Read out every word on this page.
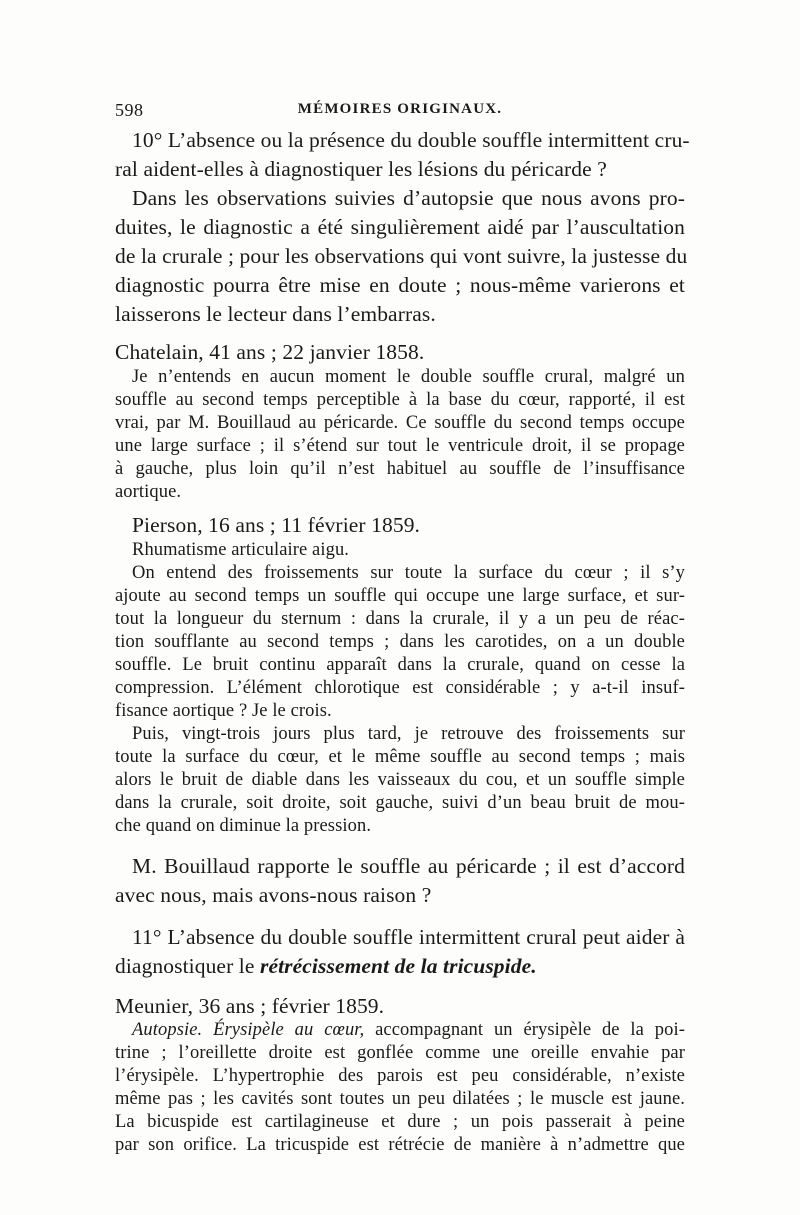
598	MÉMOIRES ORIGINAUX.
10° L’absence ou la présence du double souffle intermittent cru-
ral aident-elles à diagnostiquer les lésions du péricarde ?
Dans les observations suivies d’autopsie que nous avons pro-
duites, le diagnostic a été singulièrement aidé par l’auscultation
de la crurale ; pour les observations qui vont suivre, la justesse du
diagnostic pourra être mise en doute ; nous-même varierons et
laisserons le lecteur dans l’embarras.
Chatelain, 41 ans ; 22 janvier 1858.
Je n’entends en aucun moment le double souffle crural, malgré un
souffle au second temps perceptible à la base du cœur, rapporté, il est
vrai, par M. Bouillaud au péricarde. Ce souffle du second temps occupe
une large surface ; il s’étend sur tout le ventricule droit, il se propage
à gauche, plus loin qu’il n’est habituel au souffle de l’insuffisance
aortique.
Pierson, 16 ans ; 11 février 1859.
Rhumatisme articulaire aigu.
On entend des froissements sur toute la surface du cœur ; il s’y
ajoute au second temps un souffle qui occupe une large surface, et sur-
tout la longueur du sternum : dans la crurale, il y a un peu de réac-
tion soufflante au second temps ; dans les carotides, on a un double
souffle. Le bruit continu apparaît dans la crurale, quand on cesse la
compression. L’élément chlorotique est considérable ; y a-t-il insuf-
fisance aortique ? Je le crois.
Puis, vingt-trois jours plus tard, je retrouve des froissements sur
toute la surface du cœur, et le même souffle au second temps ; mais
alors le bruit de diable dans les vaisseaux du cou, et un souffle simple
dans la crurale, soit droite, soit gauche, suivi d’un beau bruit de mou-
che quand on diminue la pression.
M. Bouillaud rapporte le souffle au péricarde ; il est d’accord
avec nous, mais avons-nous raison ?
11° L’absence du double souffle intermittent crural peut aider à
diagnostiquer le rétrécissement de la tricuspide.
Meunier, 36 ans ; février 1859.
Autopsie. Érysipèle au cœur, accompagnant un érysipèle de la poi-
trine ; l’oreillette droite est gonflée comme une oreille envahie par
l’érysipèle. L’hypertrophie des parois est peu considérable, n’existe
même pas ; les cavités sont toutes un peu dilatées ; le muscle est jaune.
La bicuspide est cartilagineuse et dure ; un pois passerait à peine
par son orifice. La tricuspide est rétrécie de manière à n’admettre que
